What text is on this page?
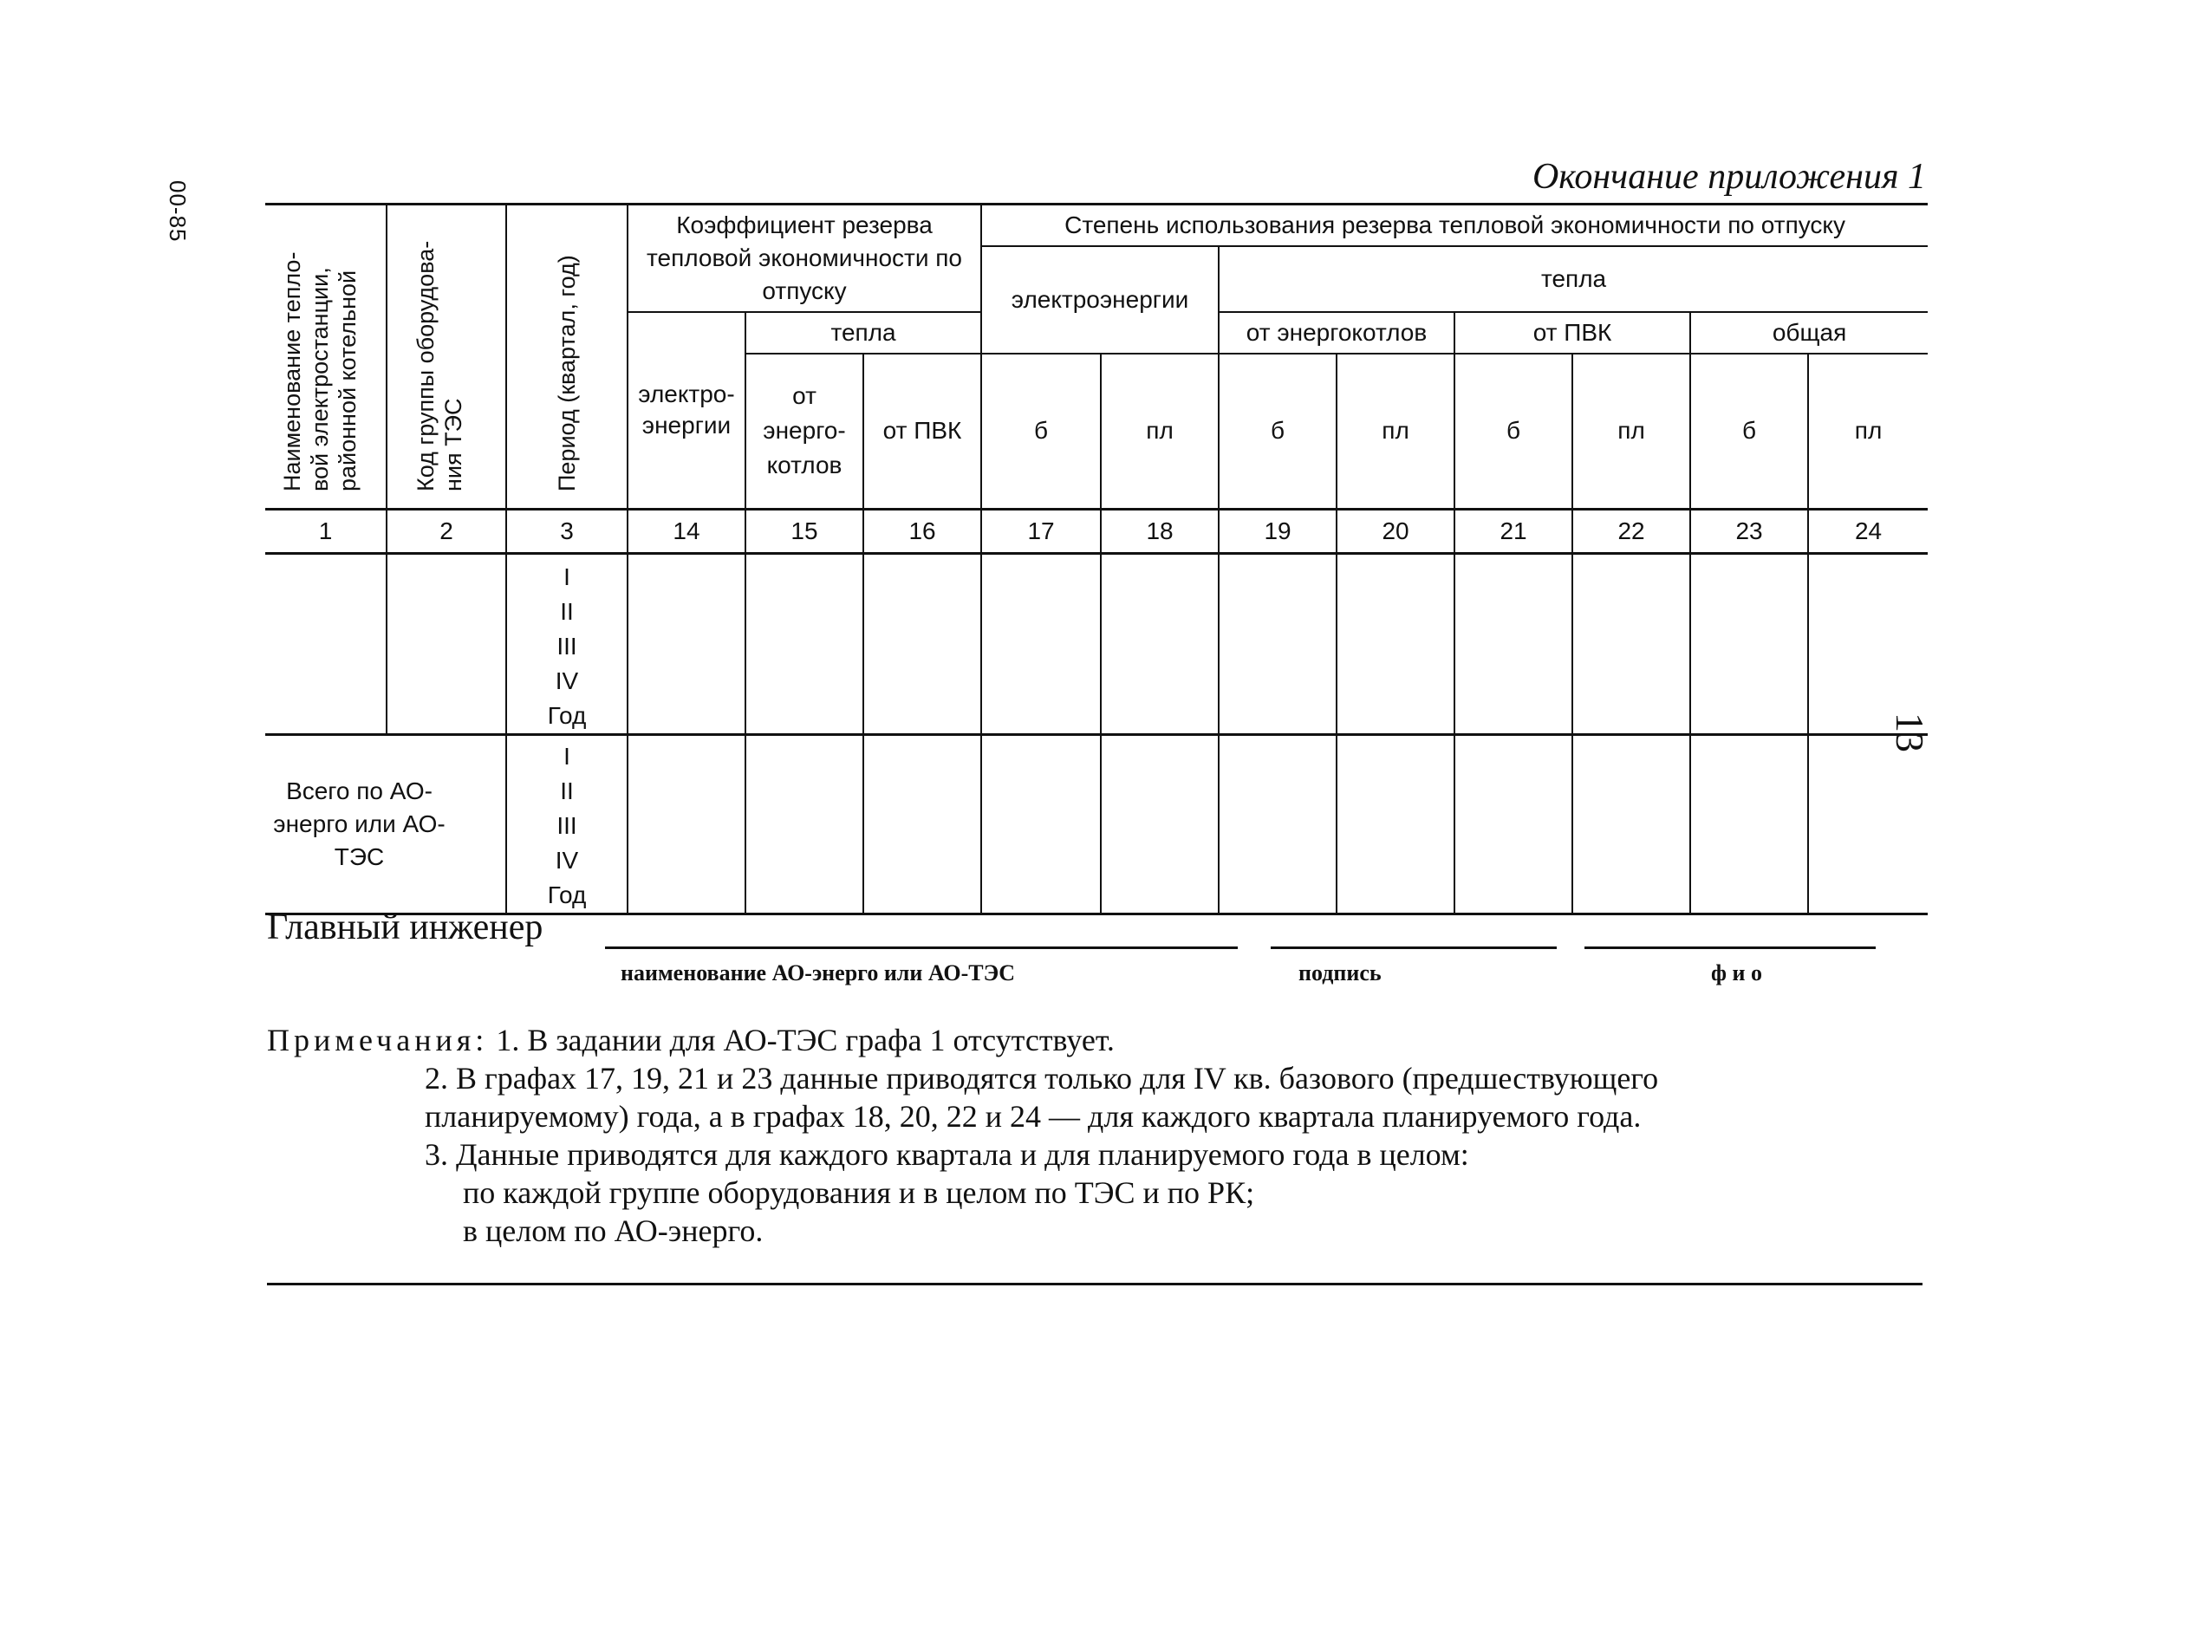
00-85
13
Окончание приложения 1
Наименование тепло-вой электростанции, районной котельной	Код группы оборудова-ния ТЭС	Период (квартал, год)	Коэффициент резерва тепловой экономичности по отпуску			Степень использования резерва тепловой экономичности по отпуску							
						электроэнергии		тепла					
			электро-энергии	тепла				от энергокотлов		от ПВК		общая	
				от энерго-котлов	от ПВК	б	пл	б	пл	б	пл	б	пл
1	2	3	14	15	16	17	18	19	20	21	22	23	24

		I
II
III
IV
Год											

Всего по АО-энерго или АО-ТЭС		I
II
III
IV
Год											

Главный инженер
наименование АО-энерго или АО-ТЭС	подпись	ф и о
Примечания: 1. В задании для АО-ТЭС графа 1 отсутствует.
2. В графах 17, 19, 21 и 23 данные приводятся только для IV кв. базового (предшествующего
планируемому) года, а в графах 18, 20, 22 и 24 — для каждого квартала планируемого года.
3. Данные приводятся для каждого квартала и для планируемого года в целом:
по каждой группе оборудования и в целом по ТЭС и по РК;
в целом по АО-энерго.
